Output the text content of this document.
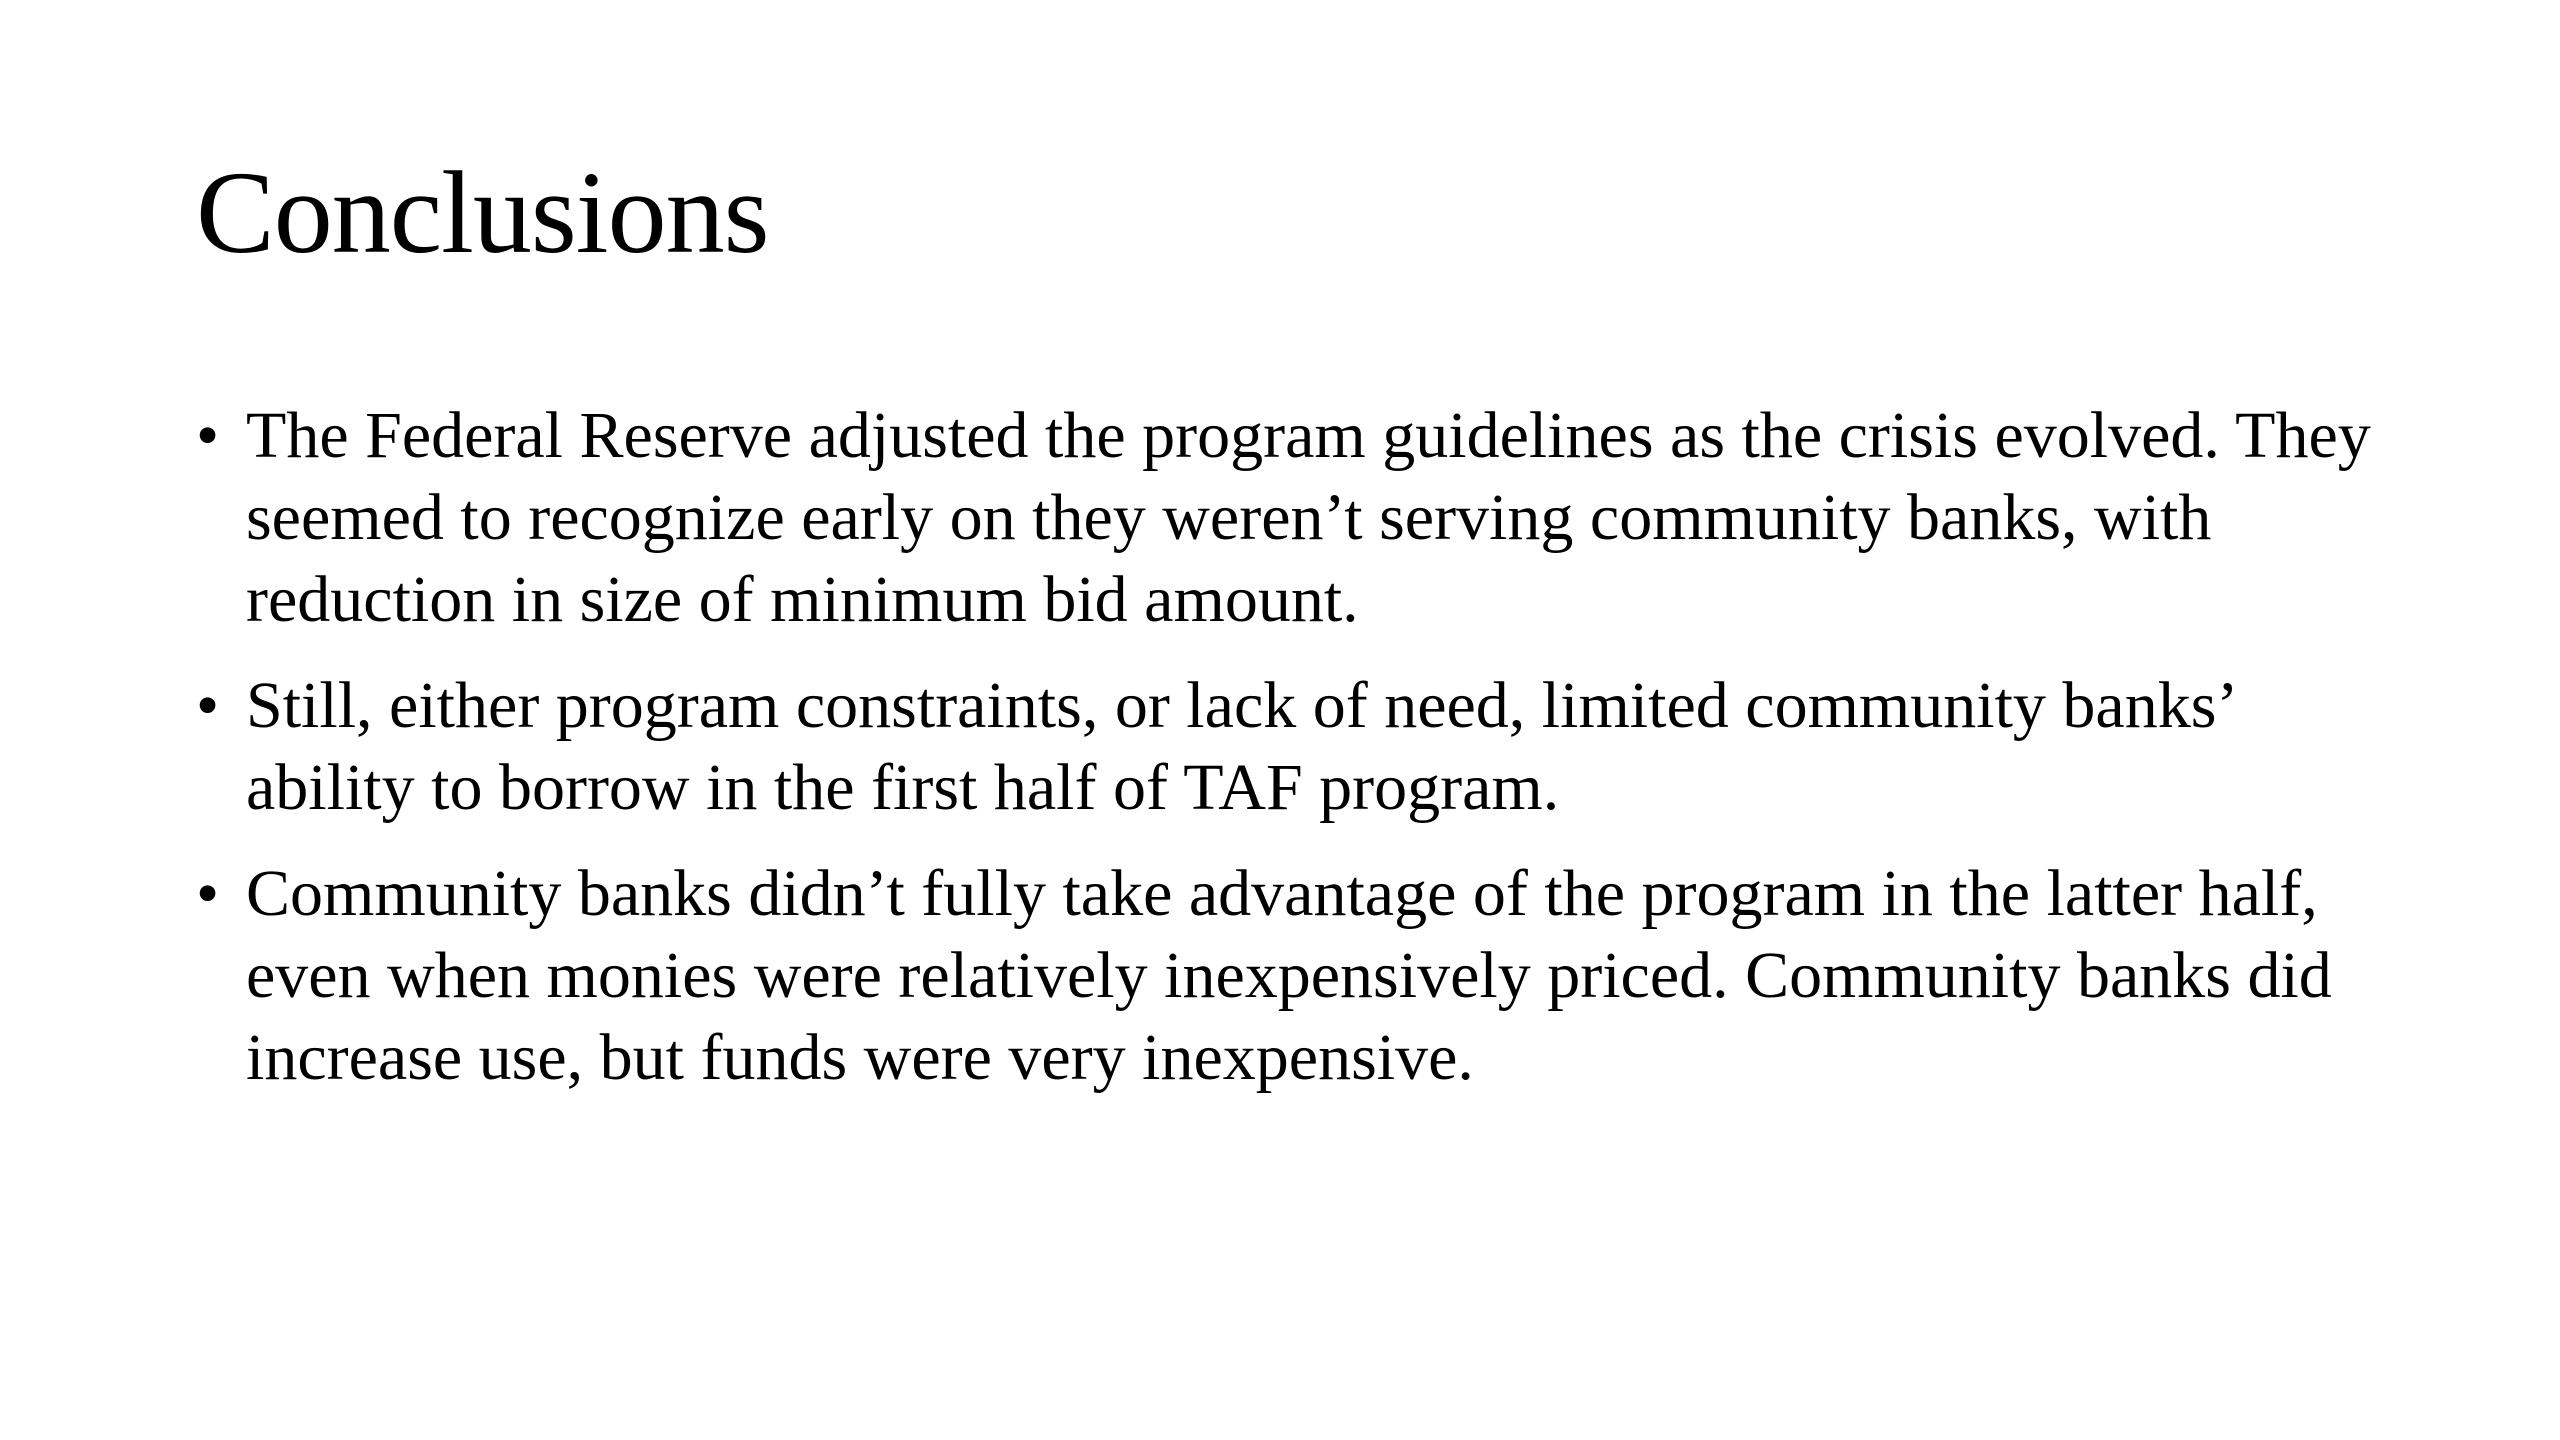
Conclusions
• The Federal Reserve adjusted the program guidelines as the crisis evolved. They seemed to recognize early on they weren’t serving community banks, with reduction in size of minimum bid amount.
• Still, either program constraints, or lack of need, limited community banks’ ability to borrow in the first half of TAF program.
• Community banks didn’t fully take advantage of the program in the latter half, even when monies were relatively inexpensively priced. Community banks did increase use, but funds were very inexpensive.
